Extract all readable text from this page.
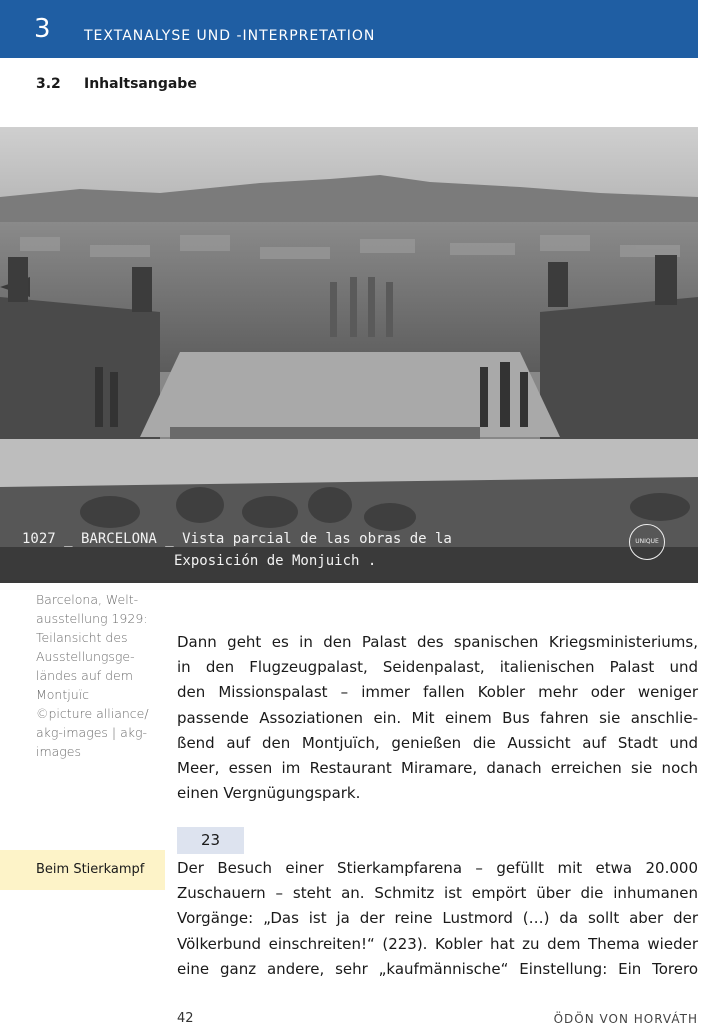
3 TEXTANALYSE UND -INTERPRETATION
3.2 Inhaltsangabe
1027 _ BARCELONA _ Vista parcial de las obras de la
Exposición de Monjuich .
UNIQUE
Barcelona, Welt-
ausstellung 1929:
Teilansicht des
Ausstellungsge-
ländes auf dem
Montjuïc
©picture alliance/
akg-images | akg-
images
Dann geht es in den Palast des spanischen Kriegsministeriums,
in den Flugzeugpalast, Seidenpalast, italienischen Palast und
den Missionspalast – immer fallen Kobler mehr oder weniger
passende Assoziationen ein. Mit einem Bus fahren sie anschlie-
ßend auf den Montjuïch, genießen die Aussicht auf Stadt und
Meer, essen im Restaurant Miramare, danach erreichen sie noch
einen Vergnügungspark.
23
Beim Stierkampf	Der Besuch einer Stierkampfarena – gefüllt mit etwa 20.000
Zuschauern – steht an. Schmitz ist empört über die inhumanen
Vorgänge: „Das ist ja der reine Lustmord (…) da sollt aber der
Völkerbund einschreiten!“ (223). Kobler hat zu dem Thema wieder
eine ganz andere, sehr „kaufmännische“ Einstellung: Ein Torero
42	ÖDÖN VON HORVÁTH
